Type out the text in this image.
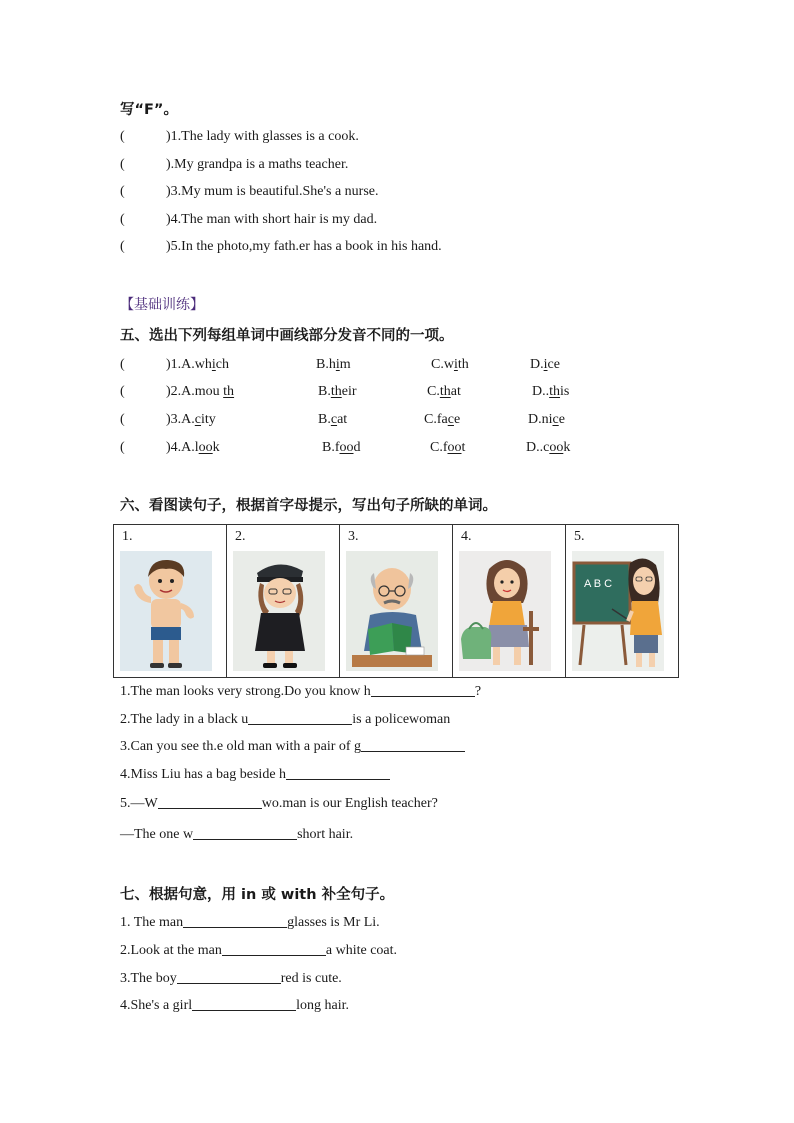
写“F”。
(	)1.The lady with glasses is a cook.
(	).My grandpa is a maths teacher.
(	)3.My mum is beautiful.She's a nurse.
(	)4.The man with short hair is my dad.
(	)5.In the photo,my fath.er has a book in his hand.
【基础训练】
五、选出下列每组单词中画线部分发音不同的一项。
(	)1.A.which	B.him	C.with	D.ice
(	)2.A.mou th	B.their	C.that	D..this
(	)3.A.city	B.cat	C.face	D.nice
(	)4.A.look	B.food	C.foot	D..cook
六、看图读句子，根据首字母提示，写出句子所缺的单词。
1.	2.	3.	4.	5.
A B C
1.The man looks very strong.Do you know h	?
2.The lady in a black u	is a policewoman
3.Can you see th.e old man with a pair of g
4.Miss Liu has a bag beside h
5.—W	wo.man is our English teacher?
—The one w	short hair.
七、根据句意，用 in 或 with 补全句子。
1. The man	glasses is Mr Li.
2.Look at the man	a white coat.
3.The boy	red is cute.
4.She's a girl	long hair.
